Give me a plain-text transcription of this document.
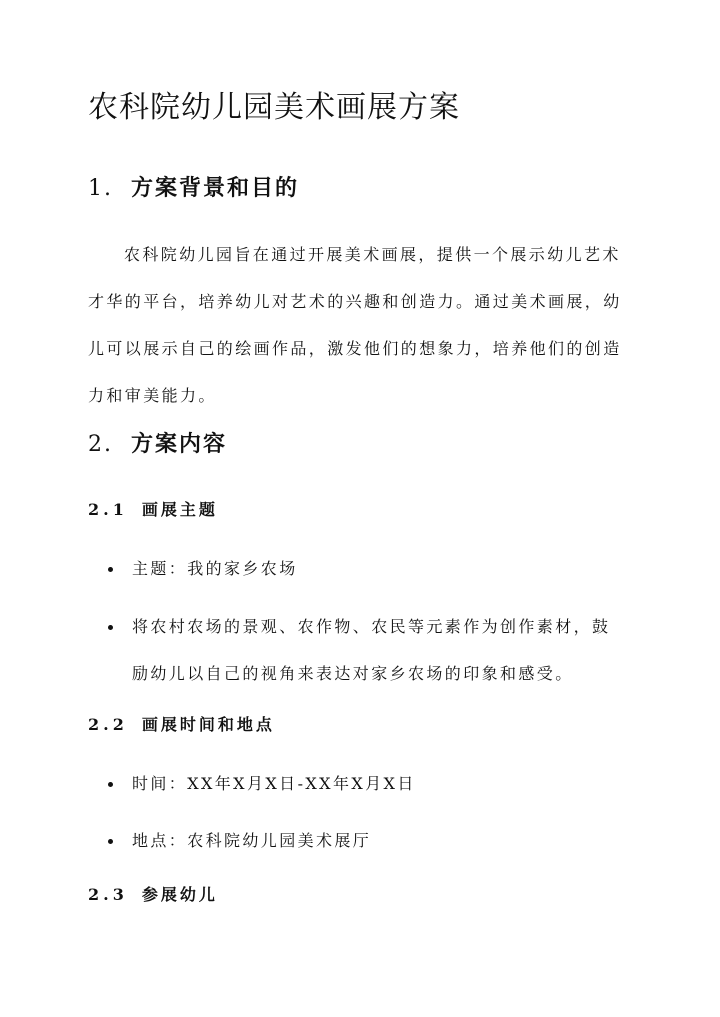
农科院幼儿园美术画展方案
1. 方案背景和目的

农科院幼儿园旨在通过开展美术画展，提供一个展示幼儿艺术
才华的平台，培养幼儿对艺术的兴趣和创造力。通过美术画展，幼
儿可以展示自己的绘画作品，激发他们的想象力，培养他们的创造
力和审美能力。

2. 方案内容
2.1 画展主题
主题：我的家乡农场
将农村农场的景观、农作物、农民等元素作为创作素材，鼓
励幼儿以自己的视角来表达对家乡农场的印象和感受。
2.2 画展时间和地点
时间：XX年X月X日-XX年X月X日
地点：农科院幼儿园美术展厅
2.3 参展幼儿
